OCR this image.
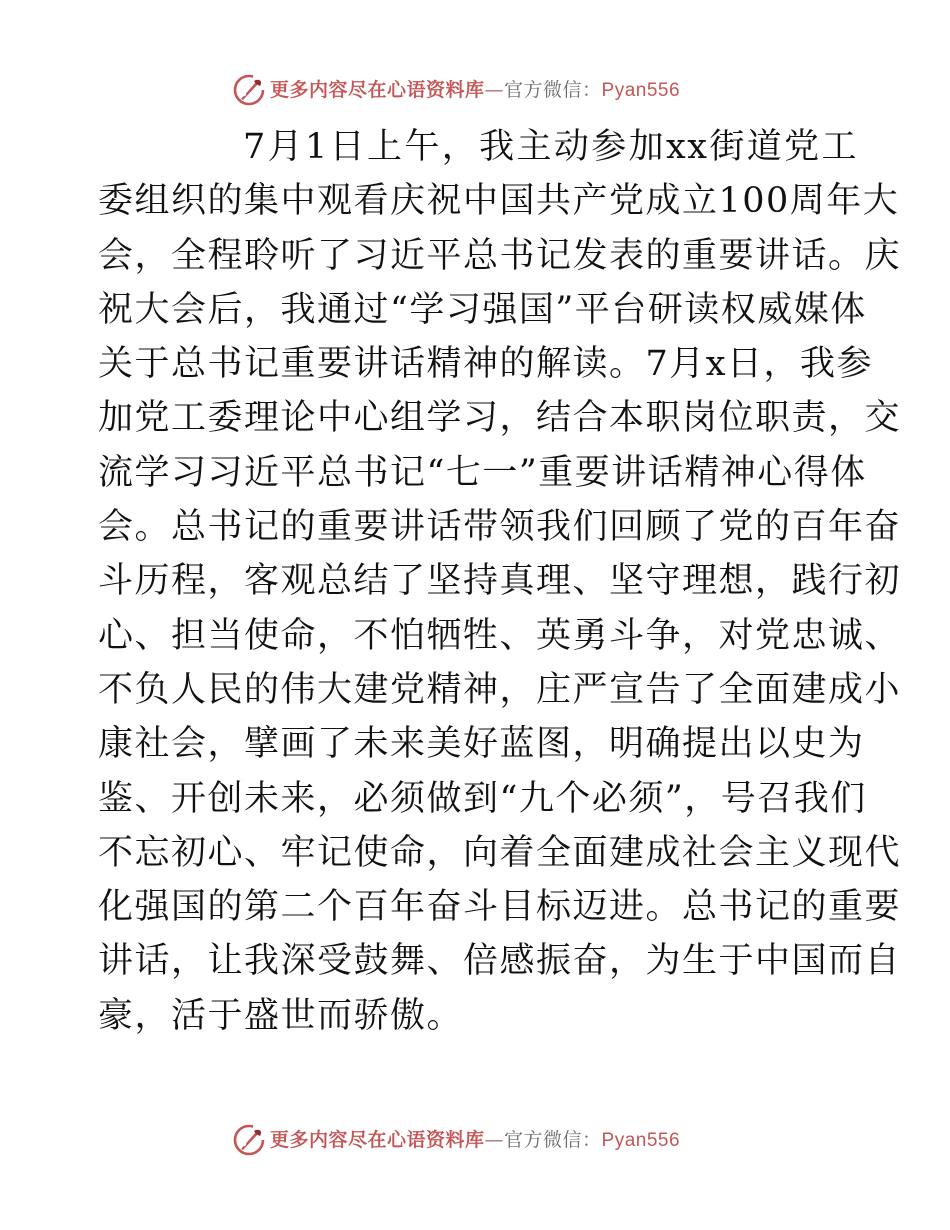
更多内容尽在心语资料库—官方微信：Pyan556
7月1日上午，我主动参加xx街道党工
委组织的集中观看庆祝中国共产党成立100周年大
会，全程聆听了习近平总书记发表的重要讲话。庆
祝大会后，我通过“学习强国”平台研读权威媒体
关于总书记重要讲话精神的解读。7月x日，我参
加党工委理论中心组学习，结合本职岗位职责，交
流学习习近平总书记“七一”重要讲话精神心得体
会。总书记的重要讲话带领我们回顾了党的百年奋
斗历程，客观总结了坚持真理、坚守理想，践行初
心、担当使命，不怕牺牲、英勇斗争，对党忠诚、
不负人民的伟大建党精神，庄严宣告了全面建成小
康社会，擘画了未来美好蓝图，明确提出以史为
鉴、开创未来，必须做到“九个必须”，号召我们
不忘初心、牢记使命，向着全面建成社会主义现代
化强国的第二个百年奋斗目标迈进。总书记的重要
讲话，让我深受鼓舞、倍感振奋，为生于中国而自
豪，活于盛世而骄傲。
更多内容尽在心语资料库—官方微信：Pyan556
